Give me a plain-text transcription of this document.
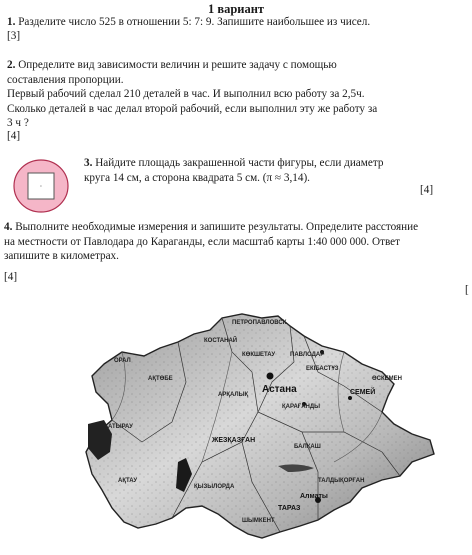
1 вариант
1. Разделите число 525 в отношении 5: 7: 9. Запишите наибольшее из чисел.
[3]
2. Определите вид зависимости величин и решите задачу с помощью
составления пропорции.
Первый рабочий сделал 210 деталей в час. И выполнил всю работу за 2,5ч.
Сколько деталей в час делал второй рабочий, если выполнил эту же работу за
3 ч ?
[4]
·
3. Найдите площадь закрашенной части фигуры, если диаметр
круга 14 см, а сторона квадрата 5 см. (π ≈ 3,14).
[4]
4. Выполните необходимые измерения и запишите результаты. Определите расстояние
на местности от Павлодара до Караганды, если масштаб карты 1:40 000 000. Ответ
запишите в километрах.
[4]
[
ПЕТРОПАВЛОВСК
КОСТАНАЙ
КӨКШЕТАУ ПАВЛОДАР
ЕКІБАСТҰЗ
ОРАЛ
АҚТӨБЕ
Астана
АРҚАЛЫҚ
ҚАРАҒАНДЫ
СЕМЕЙ
ӨСКЕМЕН
АТЫРАУ
ЖЕЗҚАЗҒАН
БАЛҚАШ
АҚТАУ
ҚЫЗЫЛОРДА
ТАЛДЫҚОРҒАН
Алматы
ТАРАЗ
ШЫМКЕНТ
